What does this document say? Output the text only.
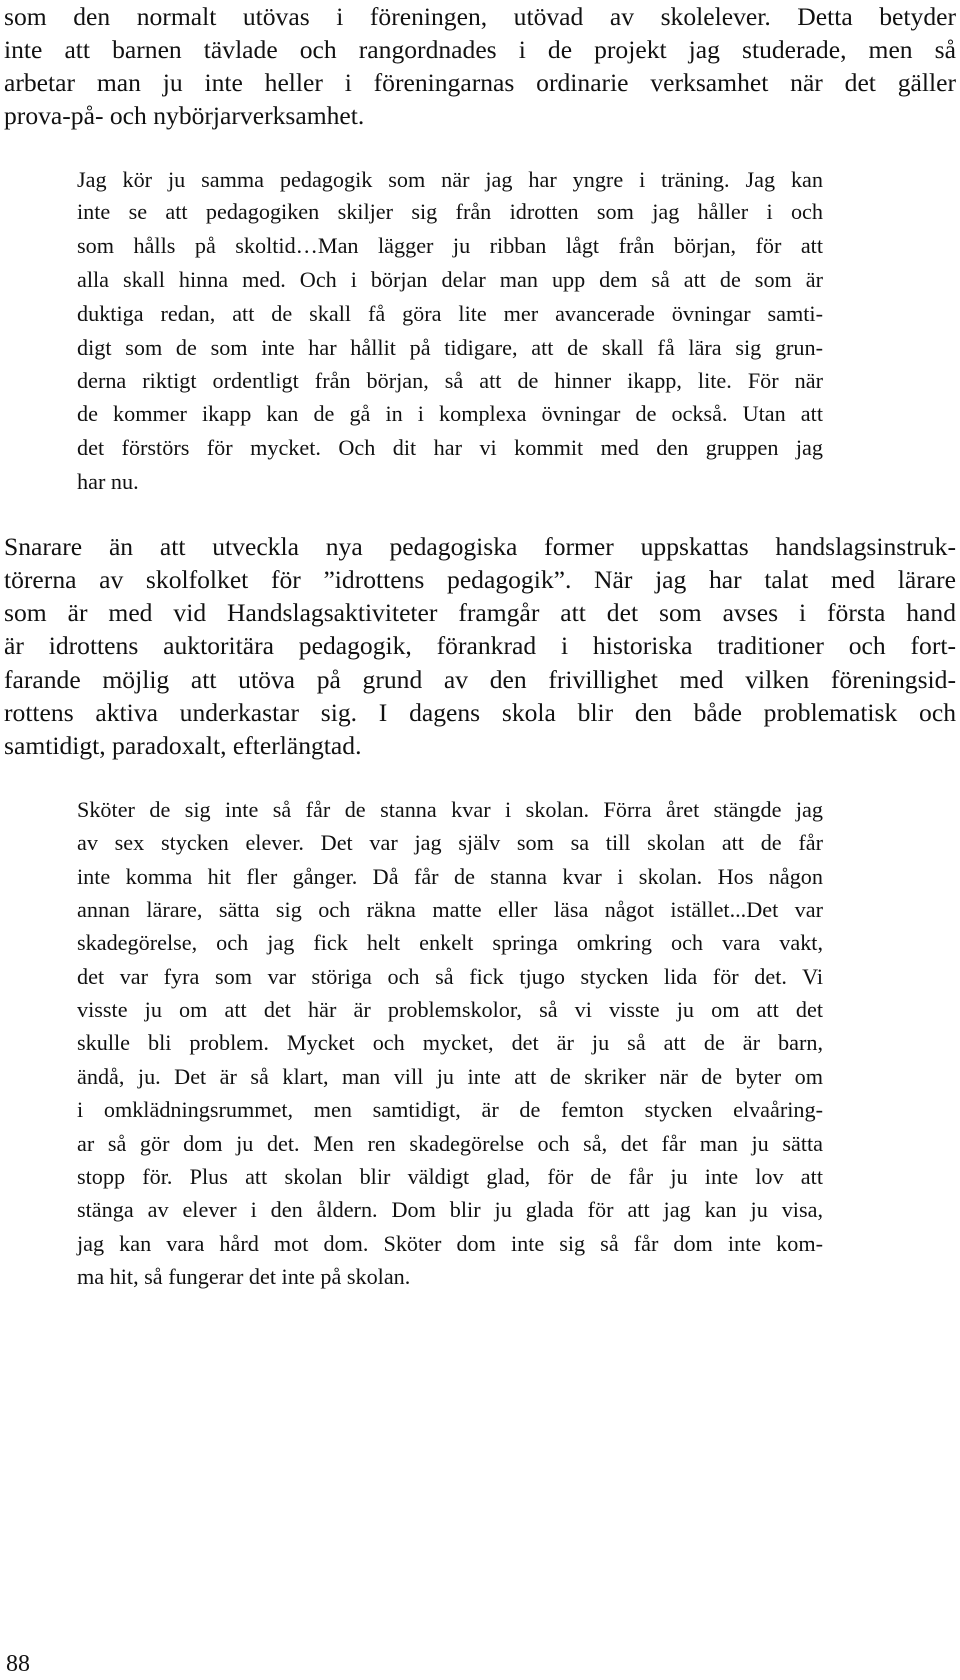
som den normalt utövas i föreningen, utövad av skolelever. Detta betyder
inte att barnen tävlade och rangordnades i de projekt jag studerade, men så
arbetar man ju inte heller i föreningarnas ordinarie verksamhet när det gäller
prova-på- och nybörjarverksamhet.
Jag kör ju samma pedagogik som när jag har yngre i träning. Jag kan
inte se att pedagogiken skiljer sig från idrotten som jag håller i och
som hålls på skoltid…Man lägger ju ribban lågt från början, för att
alla skall hinna med. Och i början delar man upp dem så att de som är
duktiga redan, att de skall få göra lite mer avancerade övningar samti-
digt som de som inte har hållit på tidigare, att de skall få lära sig grun-
derna riktigt ordentligt från början, så att de hinner ikapp, lite. För när
de kommer ikapp kan de gå in i komplexa övningar de också. Utan att
det förstörs för mycket. Och dit har vi kommit med den gruppen jag
har nu.
Snarare än att utveckla nya pedagogiska former uppskattas handslagsinstruk-
törerna av skolfolket för ”idrottens pedagogik”. När jag har talat med lärare
som är med vid Handslagsaktiviteter framgår att det som avses i första hand
är idrottens auktoritära pedagogik, förankrad i historiska traditioner och fort-
farande möjlig att utöva på grund av den frivillighet med vilken föreningsid-
rottens aktiva underkastar sig. I dagens skola blir den både problematisk och
samtidigt, paradoxalt, efterlängtad.
Sköter de sig inte så får de stanna kvar i skolan. Förra året stängde jag
av sex stycken elever. Det var jag själv som sa till skolan att de får
inte komma hit fler gånger. Då får de stanna kvar i skolan. Hos någon
annan lärare, sätta sig och räkna matte eller läsa något istället...Det var
skadegörelse, och jag fick helt enkelt springa omkring och vara vakt,
det var fyra som var störiga och så fick tjugo stycken lida för det. Vi
visste ju om att det här är problemskolor, så vi visste ju om att det
skulle bli problem. Mycket och mycket, det är ju så att de är barn,
ändå, ju. Det är så klart, man vill ju inte att de skriker när de byter om
i omklädningsrummet, men samtidigt, är de femton stycken elvaåring-
ar så gör dom ju det. Men ren skadegörelse och så, det får man ju sätta
stopp för. Plus att skolan blir väldigt glad, för de får ju inte lov att
stänga av elever i den åldern. Dom blir ju glada för att jag kan ju visa,
jag kan vara hård mot dom. Sköter dom inte sig så får dom inte kom-
ma hit, så fungerar det inte på skolan.
88
